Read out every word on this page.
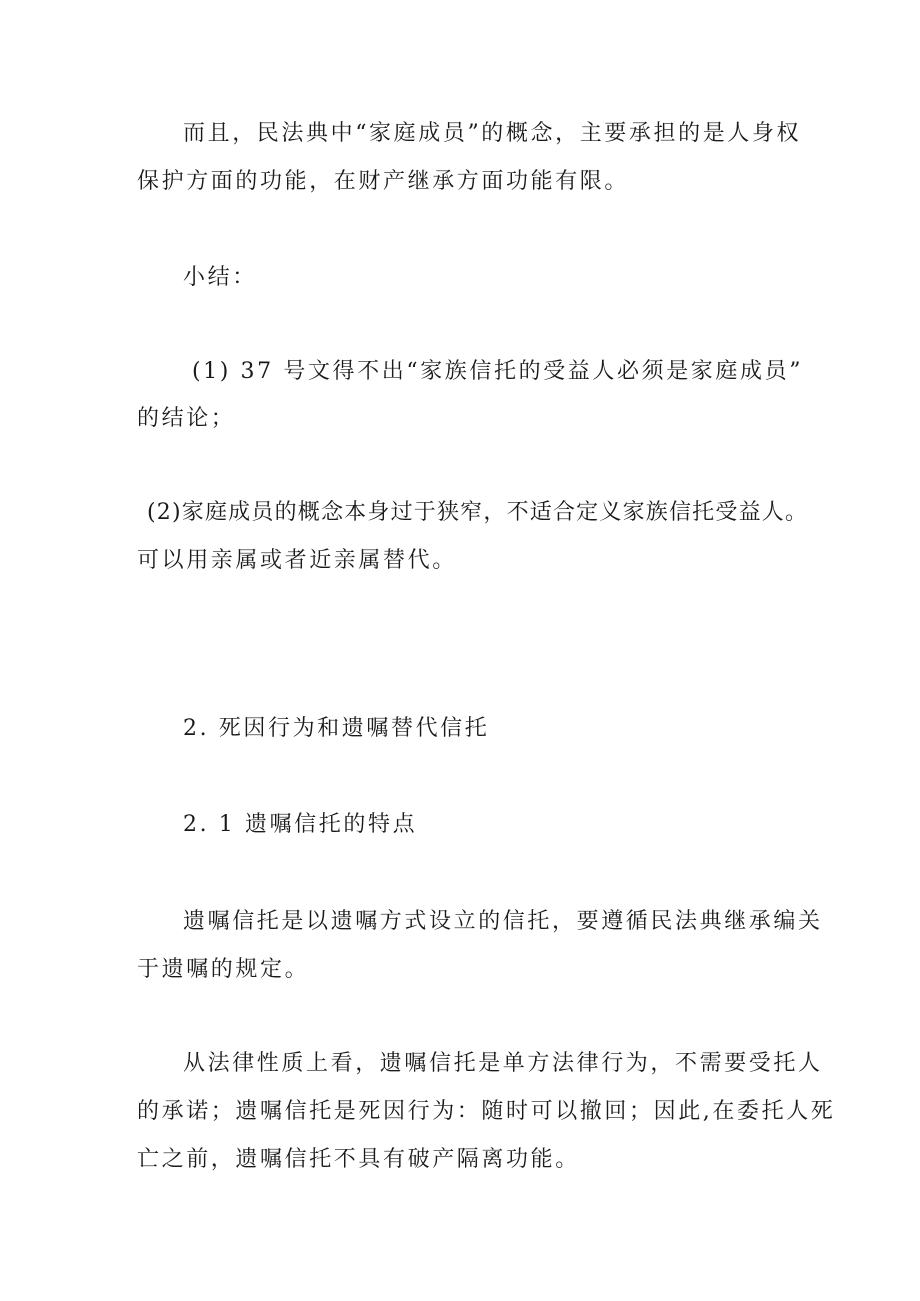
而且，民法典中“家庭成员”的概念，主要承担的是人身权
保护方面的功能，在财产继承方面功能有限。
小结：
(1) 37 号文得不出“家族信托的受益人必须是家庭成员”
的结论；
(2)家庭成员的概念本身过于狭窄，不适合定义家族信托受益人。
可以用亲属或者近亲属替代。
2. 死因行为和遗嘱替代信托
2. 1 遗嘱信托的特点
遗嘱信托是以遗嘱方式设立的信托，要遵循民法典继承编关
于遗嘱的规定。
从法律性质上看，遗嘱信托是单方法律行为，不需要受托人
的承诺；遗嘱信托是死因行为：随时可以撤回；因此,在委托人死
亡之前，遗嘱信托不具有破产隔离功能。
